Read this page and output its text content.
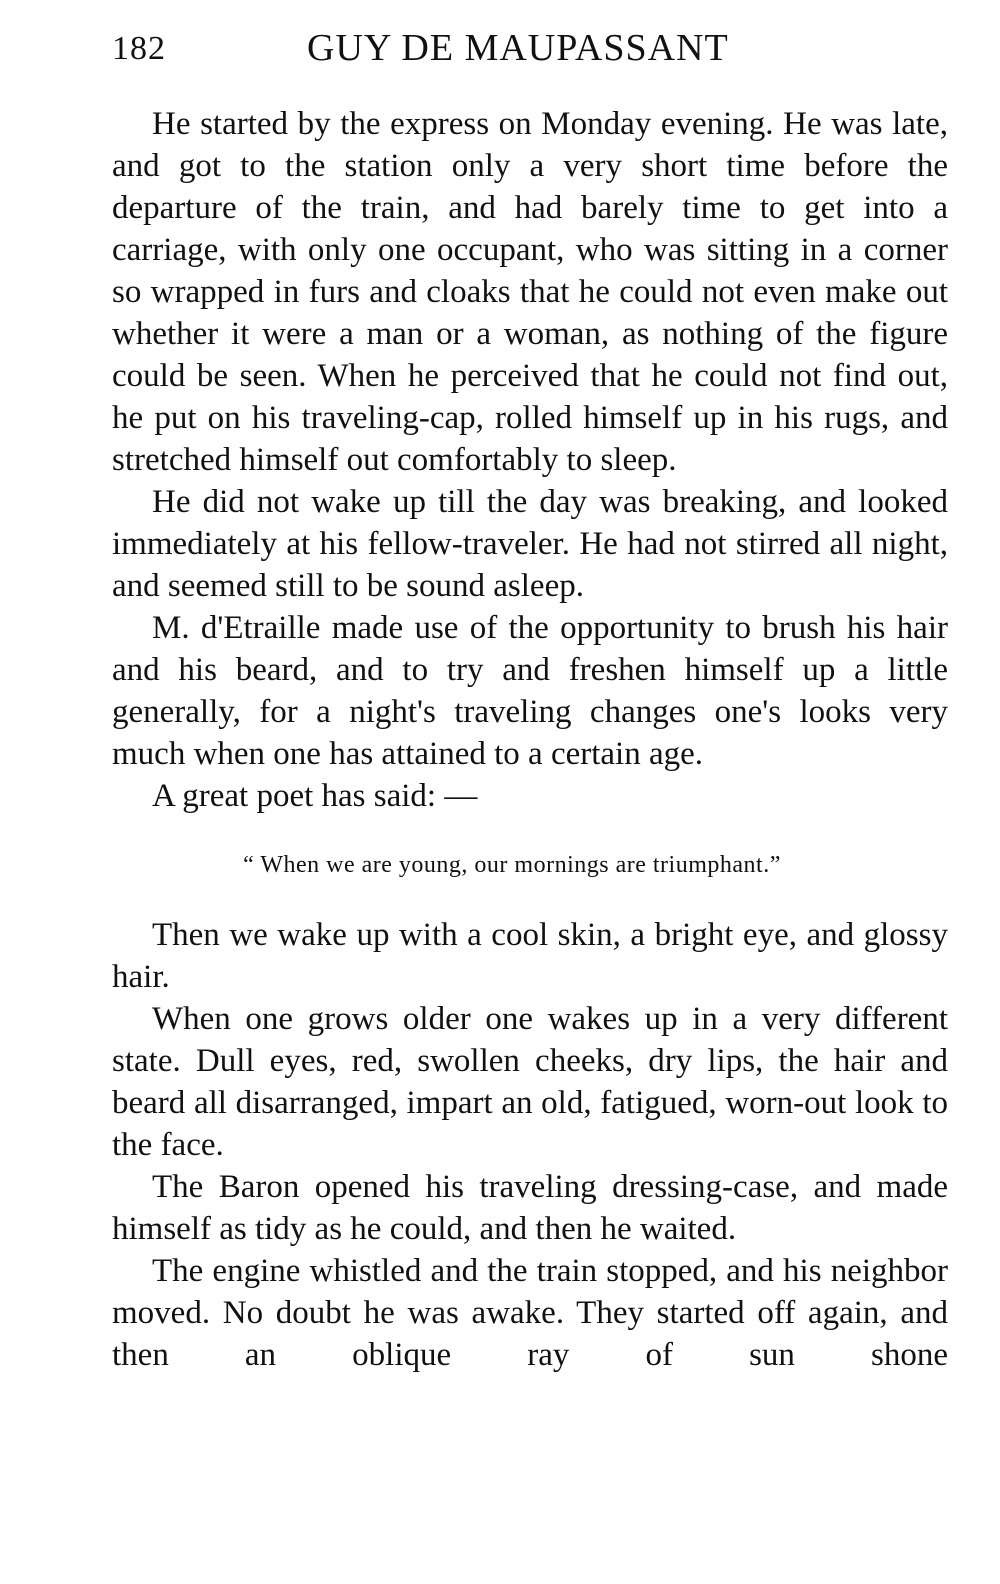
182	GUY DE MAUPASSANT

He started by the express on Monday evening. He was late, and got to the station only a very short time before the departure of the train, and had barely time to get into a carriage, with only one occupant, who was sitting in a corner so wrapped in furs and cloaks that he could not even make out whether it were a man or a woman, as nothing of the figure could be seen. When he perceived that he could not find out, he put on his traveling-cap, rolled himself up in his rugs, and stretched himself out comfortably to sleep.

He did not wake up till the day was breaking, and looked immediately at his fellow-traveler. He had not stirred all night, and seemed still to be sound asleep.

M. d'Etraille made use of the opportunity to brush his hair and his beard, and to try and freshen himself up a little generally, for a night's traveling changes one's looks very much when one has attained to a certain age.

A great poet has said: —

“ When we are young, our mornings are triumphant.”

Then we wake up with a cool skin, a bright eye, and glossy hair.

When one grows older one wakes up in a very different state. Dull eyes, red, swollen cheeks, dry lips, the hair and beard all disarranged, impart an old, fatigued, worn-out look to the face.

The Baron opened his traveling dressing-case, and made himself as tidy as he could, and then he waited.

The engine whistled and the train stopped, and his neighbor moved. No doubt he was awake. They started off again, and then an oblique ray of sun shone
